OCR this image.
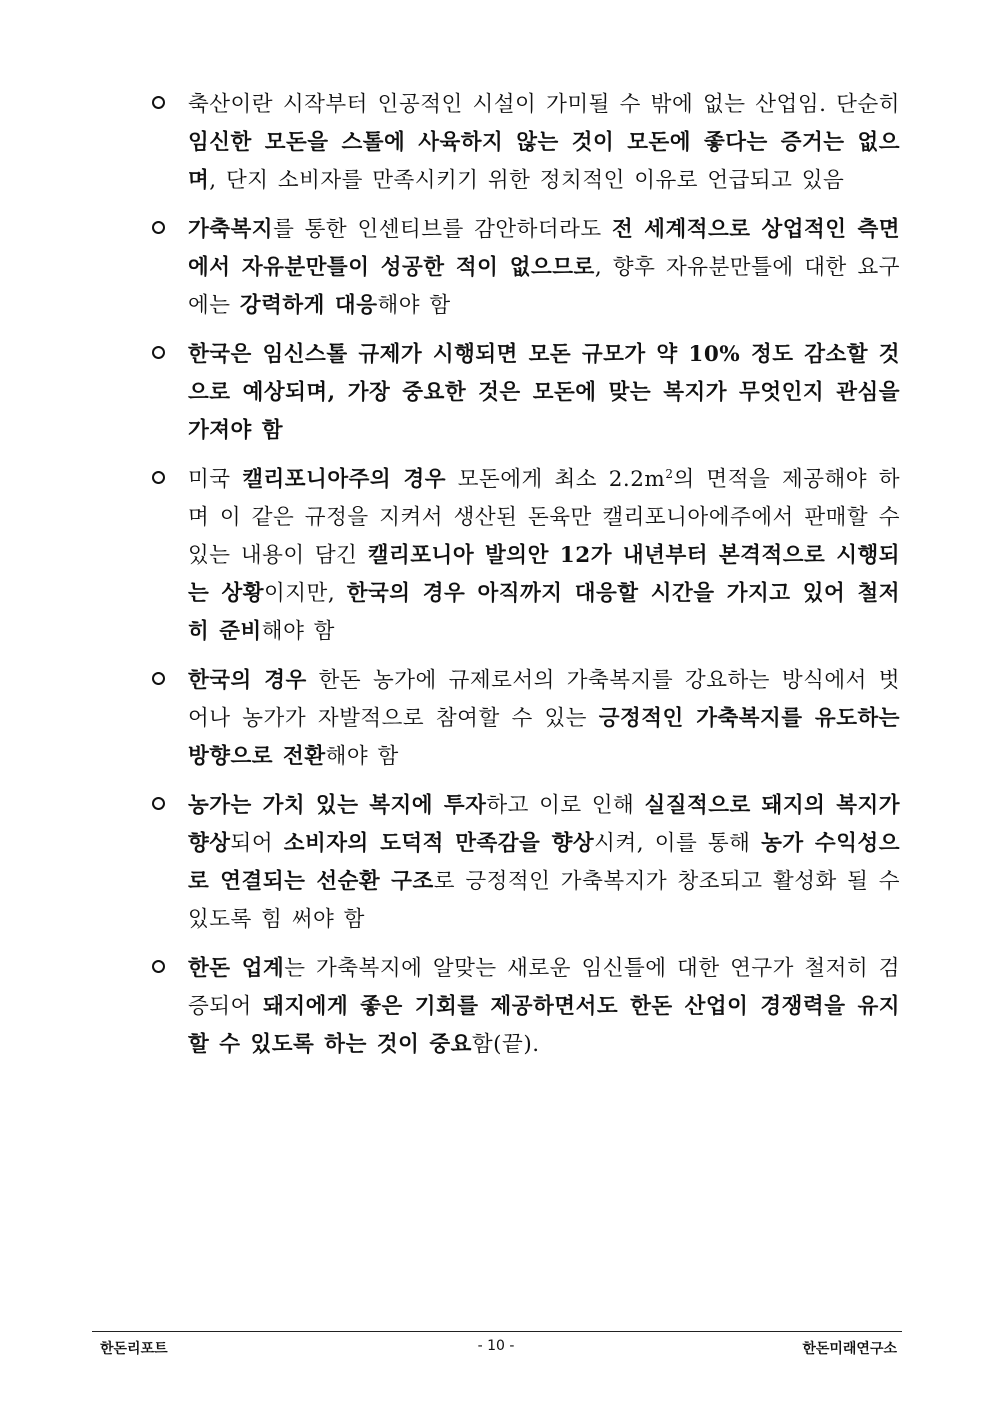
축산이란 시작부터 인공적인 시설이 가미될 수 밖에 없는 산업임. 단순히 임신한 모돈을 스톨에 사육하지 않는 것이 모돈에 좋다는 증거는 없으며, 단지 소비자를 만족시키기 위한 정치적인 이유로 언급되고 있음
가축복지를 통한 인센티브를 감안하더라도 전 세계적으로 상업적인 측면에서 자유분만틀이 성공한 적이 없으므로, 향후 자유분만틀에 대한 요구에는 강력하게 대응해야 함
한국은 임신스톨 규제가 시행되면 모돈 규모가 약 10% 정도 감소할 것으로 예상되며, 가장 중요한 것은 모돈에 맞는 복지가 무엇인지 관심을 가져야 함
미국 캘리포니아주의 경우 모돈에게 최소 $2.2m^2$의 면적을 제공해야 하며 이 같은 규정을 지켜서 생산된 돈육만 캘리포니아에주에서 판매할 수 있는 내용이 담긴 캘리포니아 발의안 12가 내년부터 본격적으로 시행되는 상황이지만, 한국의 경우 아직까지 대응할 시간을 가지고 있어 철저히 준비해야 함
한국의 경우 한돈 농가에 규제로서의 가축복지를 강요하는 방식에서 벗어나 농가가 자발적으로 참여할 수 있는 긍정적인 가축복지를 유도하는 방향으로 전환해야 함
농가는 가치 있는 복지에 투자하고 이로 인해 실질적으로 돼지의 복지가 향상되어 소비자의 도덕적 만족감을 향상시켜, 이를 통해 농가 수익성으로 연결되는 선순환 구조로 긍정적인 가축복지가 창조되고 활성화 될 수 있도록 힘 써야 함
한돈 업계는 가축복지에 알맞는 새로운 임신틀에 대한 연구가 철저히 검증되어 돼지에게 좋은 기회를 제공하면서도 한돈 산업이 경쟁력을 유지할 수 있도록 하는 것이 중요함(끝).
한돈리포트	- 10 -	한돈미래연구소
